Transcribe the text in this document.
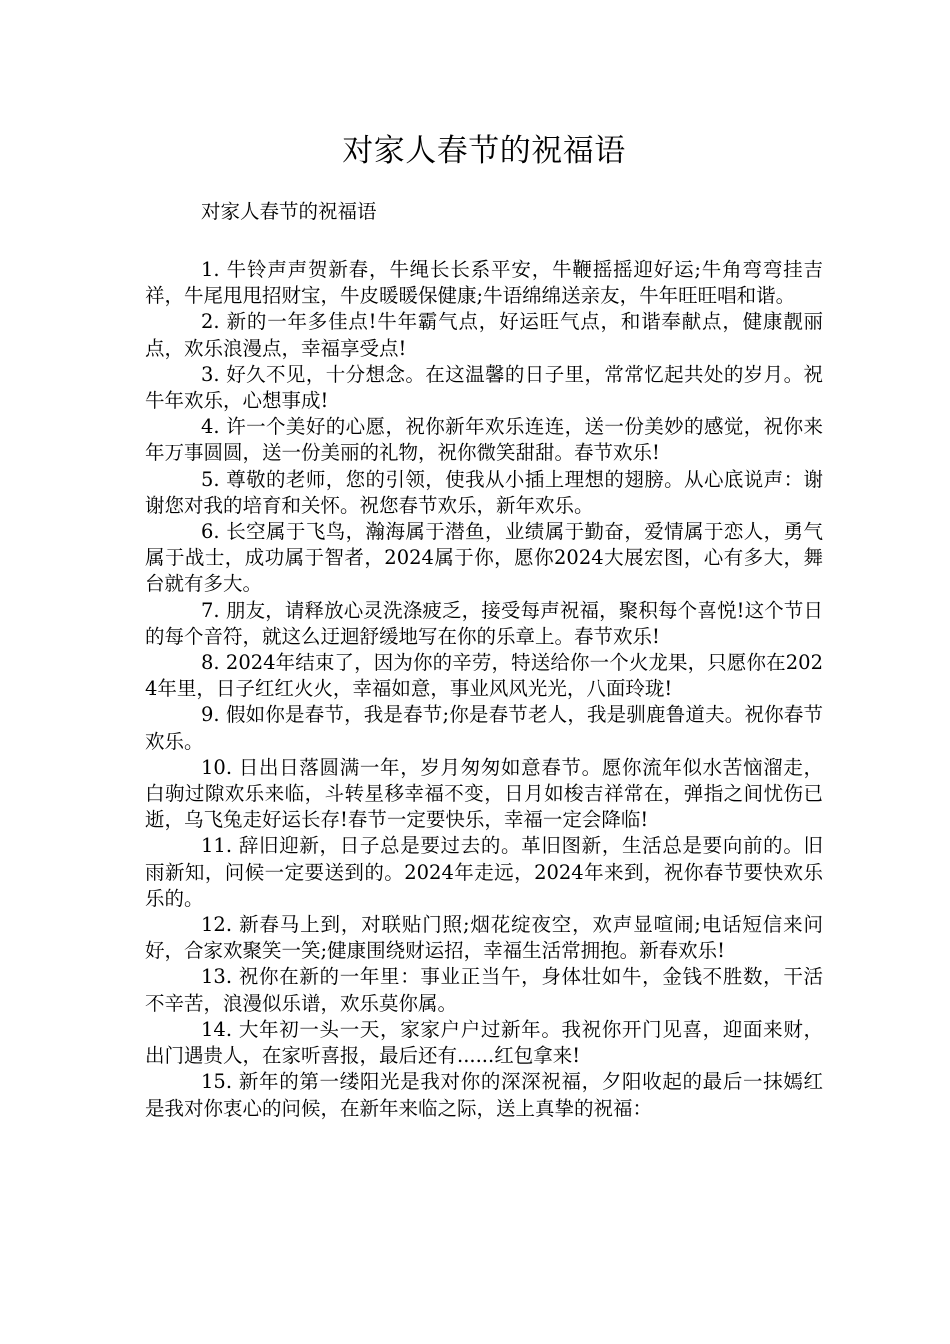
对家人春节的祝福语

对家人春节的祝福语

1. 牛铃声声贺新春，牛绳长长系平安，牛鞭摇摇迎好运;牛角弯弯挂吉祥，牛尾甩甩招财宝，牛皮暖暖保健康;牛语绵绵送亲友，牛年旺旺唱和谐。

2. 新的一年多佳点!牛年霸气点，好运旺气点，和谐奉献点，健康靓丽点，欢乐浪漫点，幸福享受点!

3. 好久不见，十分想念。在这温馨的日子里，常常忆起共处的岁月。祝牛年欢乐，心想事成!

4. 许一个美好的心愿，祝你新年欢乐连连，送一份美妙的感觉，祝你来年万事圆圆，送一份美丽的礼物，祝你微笑甜甜。春节欢乐!

5. 尊敬的老师，您的引领，使我从小插上理想的翅膀。从心底说声：谢谢您对我的培育和关怀。祝您春节欢乐，新年欢乐。

6. 长空属于飞鸟，瀚海属于潜鱼，业绩属于勤奋，爱情属于恋人，勇气属于战士，成功属于智者，2024属于你，愿你2024大展宏图，心有多大，舞台就有多大。

7. 朋友，请释放心灵洗涤疲乏，接受每声祝福，聚积每个喜悦!这个节日的每个音符，就这么迂迴舒缓地写在你的乐章上。春节欢乐!

8. 2024年结束了，因为你的辛劳，特送给你一个火龙果，只愿你在2024年里，日子红红火火，幸福如意，事业风风光光，八面玲珑!

9. 假如你是春节，我是春节;你是春节老人，我是驯鹿鲁道夫。祝你春节欢乐。

10. 日出日落圆满一年，岁月匆匆如意春节。愿你流年似水苦恼溜走，白驹过隙欢乐来临，斗转星移幸福不变，日月如梭吉祥常在，弹指之间忧伤已逝，乌飞兔走好运长存!春节一定要快乐，幸福一定会降临!

11. 辞旧迎新，日子总是要过去的。革旧图新，生活总是要向前的。旧雨新知，问候一定要送到的。2024年走远，2024年来到，祝你春节要快欢乐乐的。

12. 新春马上到，对联贴门照;烟花绽夜空，欢声显喧闹;电话短信来问好，合家欢聚笑一笑;健康围绕财运招，幸福生活常拥抱。新春欢乐!

13. 祝你在新的一年里：事业正当午，身体壮如牛，金钱不胜数，干活不辛苦，浪漫似乐谱，欢乐莫你属。

14. 大年初一头一天，家家户户过新年。我祝你开门见喜，迎面来财，出门遇贵人，在家听喜报，最后还有......红包拿来!

15. 新年的第一缕阳光是我对你的深深祝福，夕阳收起的最后一抹嫣红是我对你衷心的问候，在新年来临之际，送上真挚的祝福：
